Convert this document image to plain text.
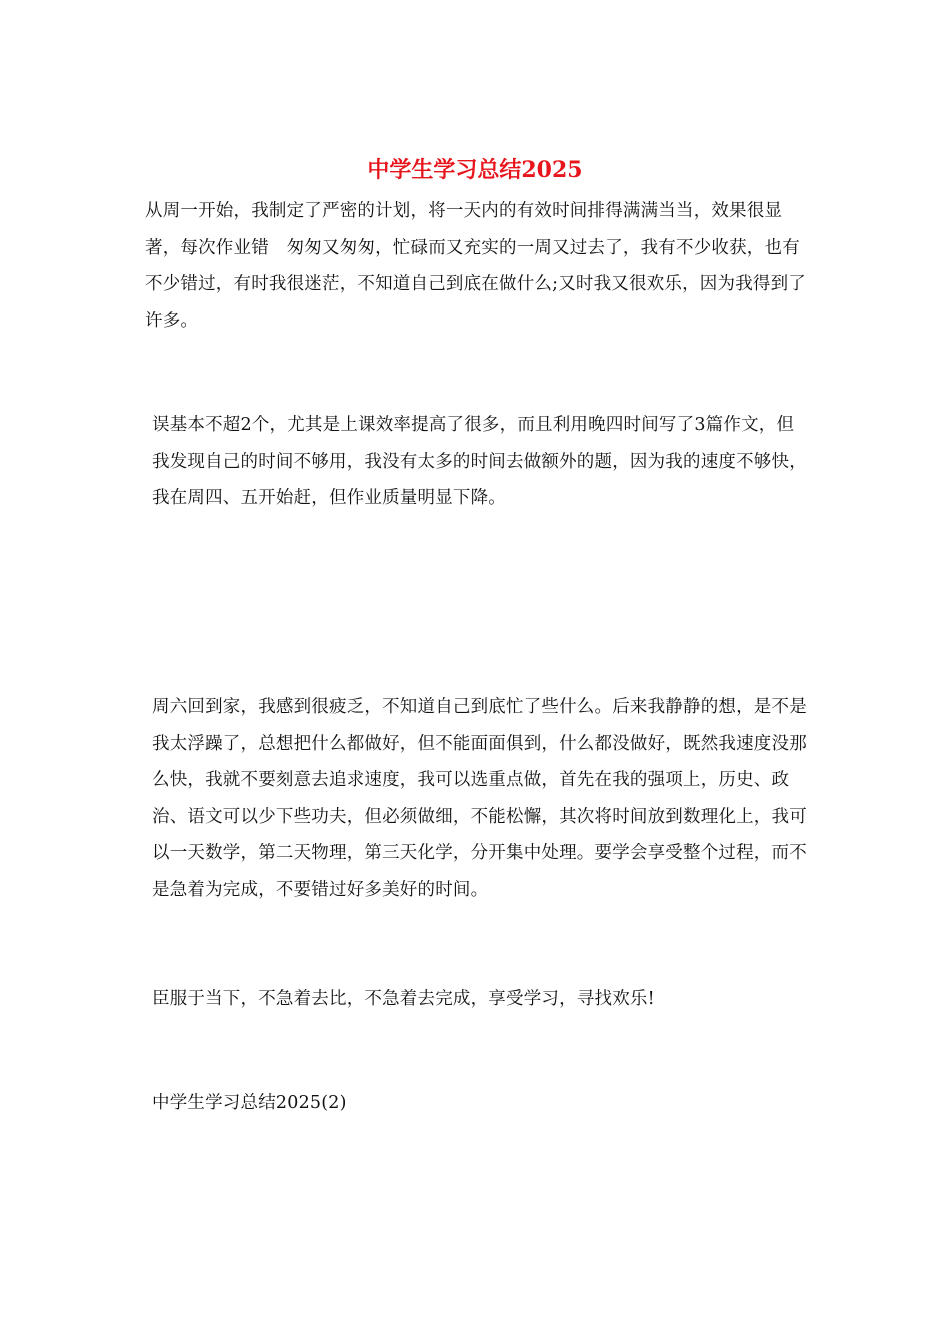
中学生学习总结2025

从周一开始，我制定了严密的计划，将一天内的有效时间排得满满当当，效果很显著，每次作业错　匆匆又匆匆，忙碌而又充实的一周又过去了，我有不少收获，也有不少错过，有时我很迷茫，不知道自己到底在做什么;又时我又很欢乐，因为我得到了许多。

误基本不超2个，尤其是上课效率提高了很多，而且利用晚四时间写了3篇作文，但我发现自己的时间不够用，我没有太多的时间去做额外的题，因为我的速度不够快，我在周四、五开始赶，但作业质量明显下降。

周六回到家，我感到很疲乏，不知道自己到底忙了些什么。后来我静静的想，是不是我太浮躁了，总想把什么都做好，但不能面面俱到，什么都没做好，既然我速度没那么快，我就不要刻意去追求速度，我可以选重点做，首先在我的强项上，历史、政治、语文可以少下些功夫，但必须做细，不能松懈，其次将时间放到数理化上，我可以一天数学，第二天物理，第三天化学，分开集中处理。要学会享受整个过程，而不是急着为完成，不要错过好多美好的时间。

臣服于当下，不急着去比，不急着去完成，享受学习，寻找欢乐!

中学生学习总结2025(2)
